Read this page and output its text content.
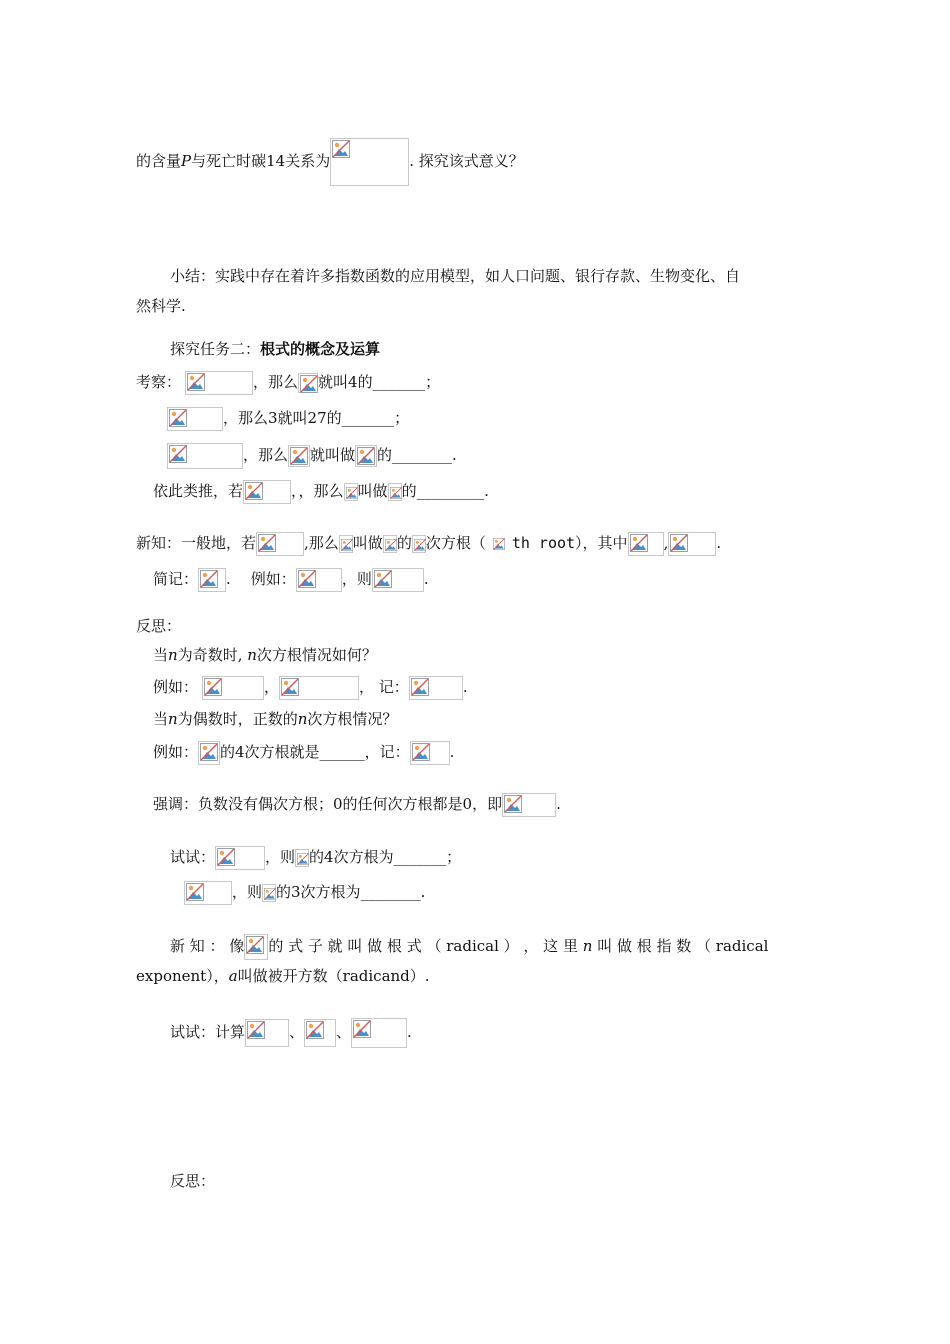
的含量P与死亡时碳14关系为	. 探究该式意义？
小结：实践中存在着许多指数函数的应用模型，如人口问题、银行存款、生物变化、自
然科学.
探究任务二：根式的概念及运算
考察：	，那么 就叫4的_______；
，那么3就叫27的_______；
，那么 就叫做 的________.
依此类推，若	，，那么 叫做 的_________.
新知：一般地，若	,那么 叫做 的 次方根（ th root），其中 ,	.
简记： . 例如：	，则	.
反思：
当n为奇数时, n次方根情况如何？
例如：	，	， 记：	.
当n为偶数时，正数的n次方根情况？
例如： 的4次方根就是______，记：	.
强调：负数没有偶次方根；0的任何次方根都是0，即	.
试试：	，则 的4次方根为_______；
，则 的3次方根为________.
新 知 ： 像 的 式 子 就 叫 做 根 式 （ radical ） ， 这 里 n 叫 做 根 指 数 （ radical
exponent），a叫做被开方数（radicand）.
试试：计算	、 、	.
反思：
